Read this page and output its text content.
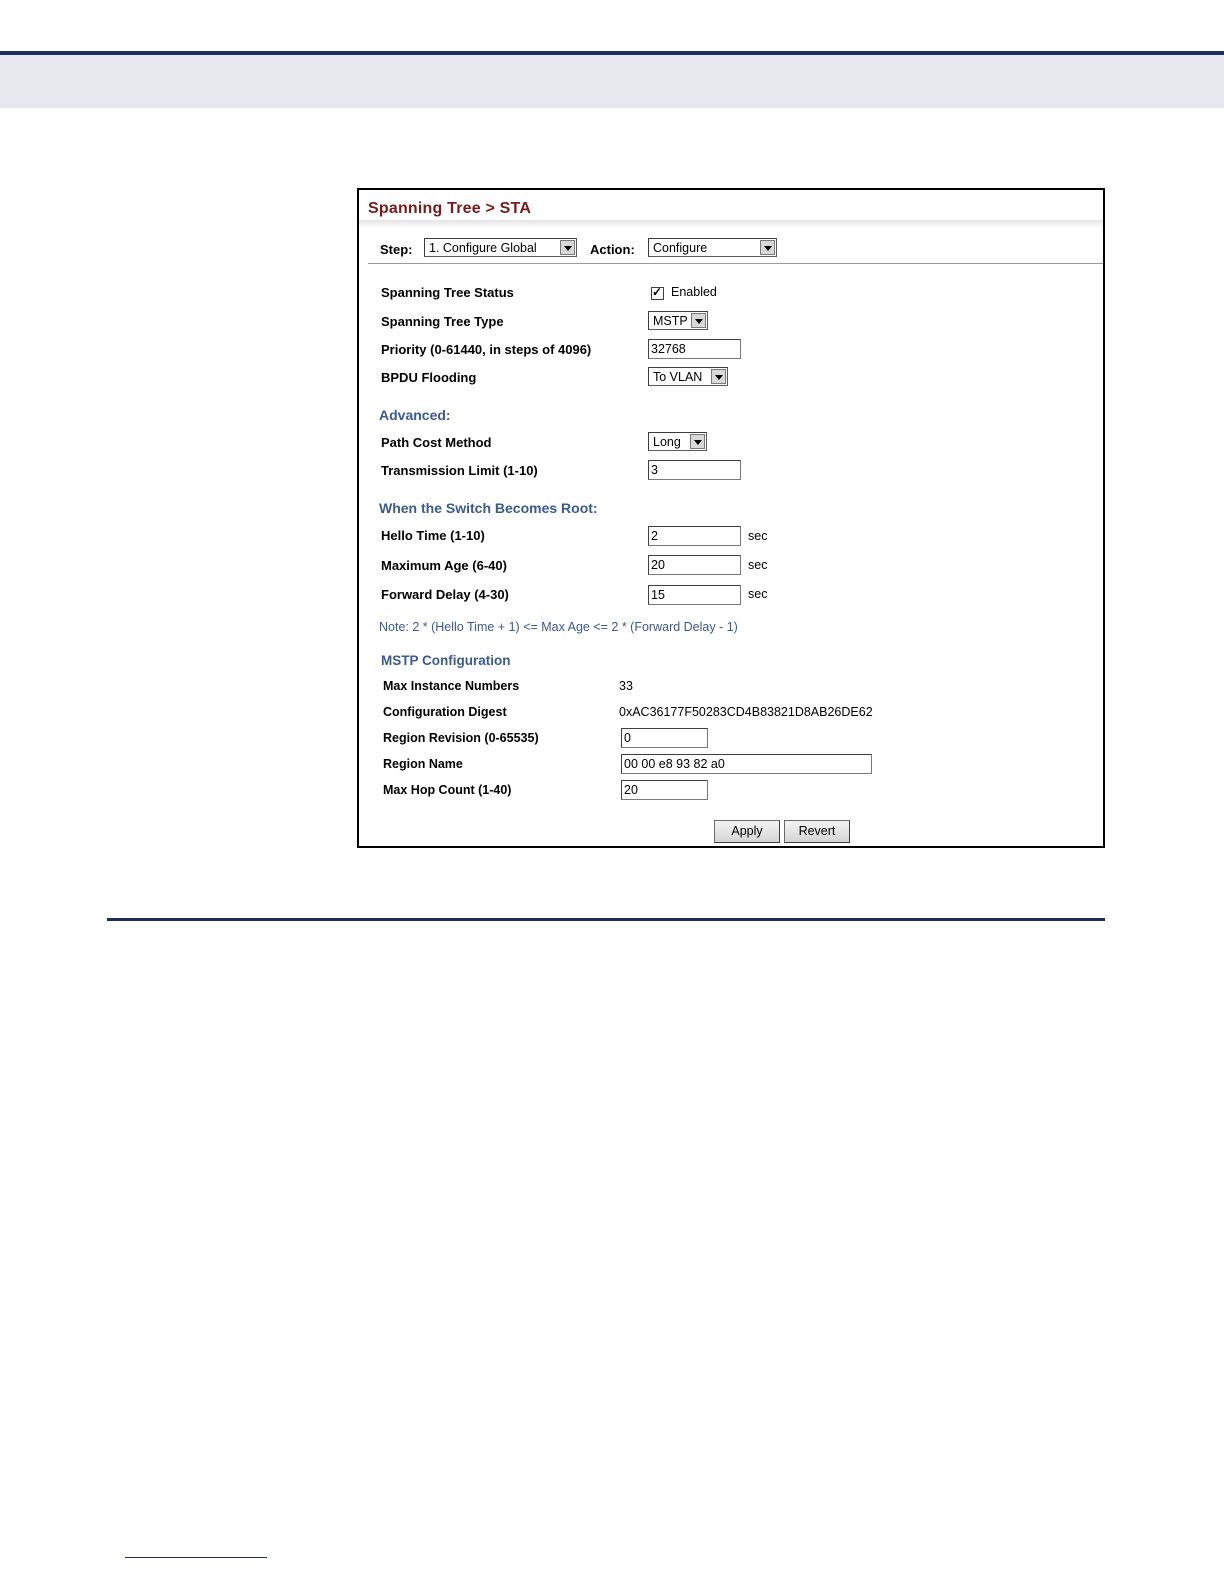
Spanning Tree > STA
Step: 1. Configure Global	Action: Configure
Spanning Tree Status	✓ Enabled
Spanning Tree Type	MSTP
Priority (0-61440, in steps of 4096)	32768
BPDU Flooding	To VLAN
Advanced:
Path Cost Method	Long
Transmission Limit (1-10)	3
When the Switch Becomes Root:
Hello Time (1-10)	2	sec
Maximum Age (6-40)	20	sec
Forward Delay (4-30)	15	sec
Note: 2 * (Hello Time + 1) <= Max Age <= 2 * (Forward Delay - 1)
MSTP Configuration
Max Instance Numbers	33
Configuration Digest	0xAC36177F50283CD4B83821D8AB26DE62
Region Revision (0-65535)	0
Region Name	00 00 e8 93 82 a0
Max Hop Count (1-40)	20
Apply	Revert
